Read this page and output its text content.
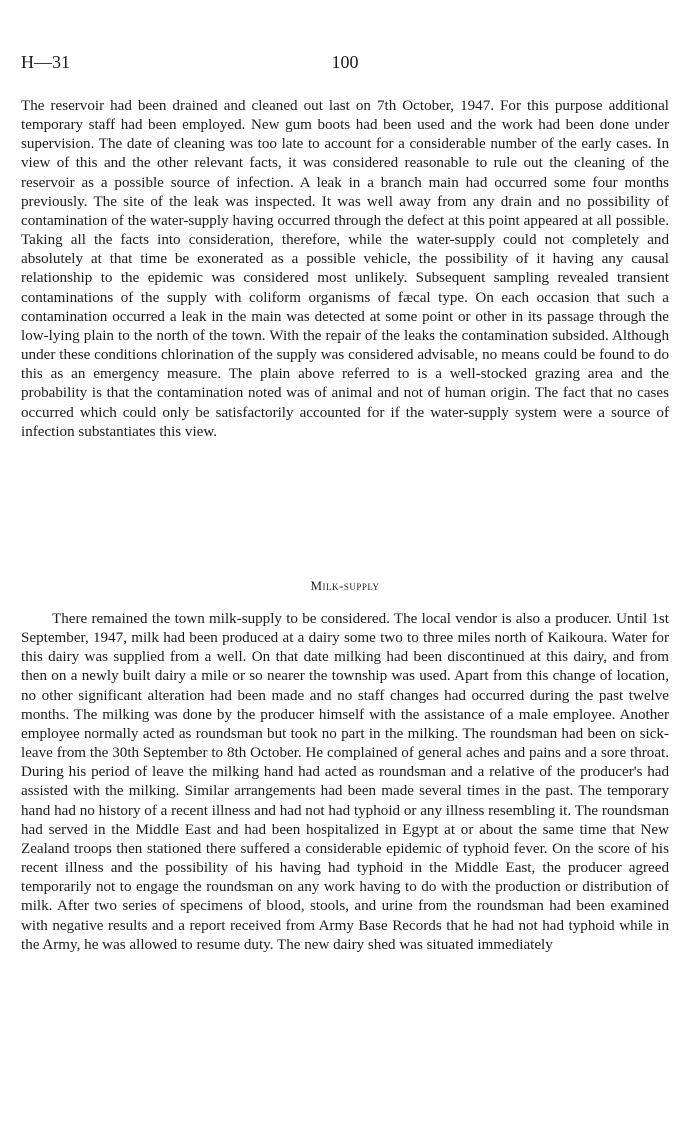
H—31	100

The reservoir had been drained and cleaned out last on 7th October, 1947. For this purpose additional temporary staff had been employed. New gum boots had been used and the work had been done under supervision. The date of cleaning was too late to account for a considerable number of the early cases. In view of this and the other relevant facts, it was considered reasonable to rule out the cleaning of the reservoir as a possible source of infection. A leak in a branch main had occurred some four months previously. The site of the leak was inspected. It was well away from any drain and no possibility of contamination of the water-supply having occurred through the defect at this point appeared at all possible. Taking all the facts into consideration, therefore, while the water-supply could not completely and absolutely at that time be exonerated as a possible vehicle, the possibility of it having any causal relationship to the epidemic was considered most unlikely. Subsequent sampling revealed transient contaminations of the supply with coliform organisms of fæcal type. On each occasion that such a contamination occurred a leak in the main was detected at some point or other in its passage through the low-lying plain to the north of the town. With the repair of the leaks the contamination subsided. Although under these conditions chlorination of the supply was considered advisable, no means could be found to do this as an emergency measure. The plain above referred to is a well-stocked grazing area and the probability is that the contamination noted was of animal and not of human origin. The fact that no cases occurred which could only be satisfactorily accounted for if the water-supply system were a source of infection substantiates this view.

Milk-supply

There remained the town milk-supply to be considered. The local vendor is also a producer. Until 1st September, 1947, milk had been produced at a dairy some two to three miles north of Kaikoura. Water for this dairy was supplied from a well. On that date milking had been discontinued at this dairy, and from then on a newly built dairy a mile or so nearer the township was used. Apart from this change of location, no other significant alteration had been made and no staff changes had occurred during the past twelve months. The milking was done by the producer himself with the assistance of a male employee. Another employee normally acted as roundsman but took no part in the milking. The roundsman had been on sick-leave from the 30th September to 8th October. He complained of general aches and pains and a sore throat. During his period of leave the milking hand had acted as roundsman and a relative of the producer's had assisted with the milking. Similar arrangements had been made several times in the past. The temporary hand had no history of a recent illness and had not had typhoid or any illness resembling it. The roundsman had served in the Middle East and had been hospitalized in Egypt at or about the same time that New Zealand troops then stationed there suffered a considerable epidemic of typhoid fever. On the score of his recent illness and the possibility of his having had typhoid in the Middle East, the producer agreed temporarily not to engage the roundsman on any work having to do with the production or distribution of milk. After two series of specimens of blood, stools, and urine from the roundsman had been examined with negative results and a report received from Army Base Records that he had not had typhoid while in the Army, he was allowed to resume duty. The new dairy shed was situated immediately
